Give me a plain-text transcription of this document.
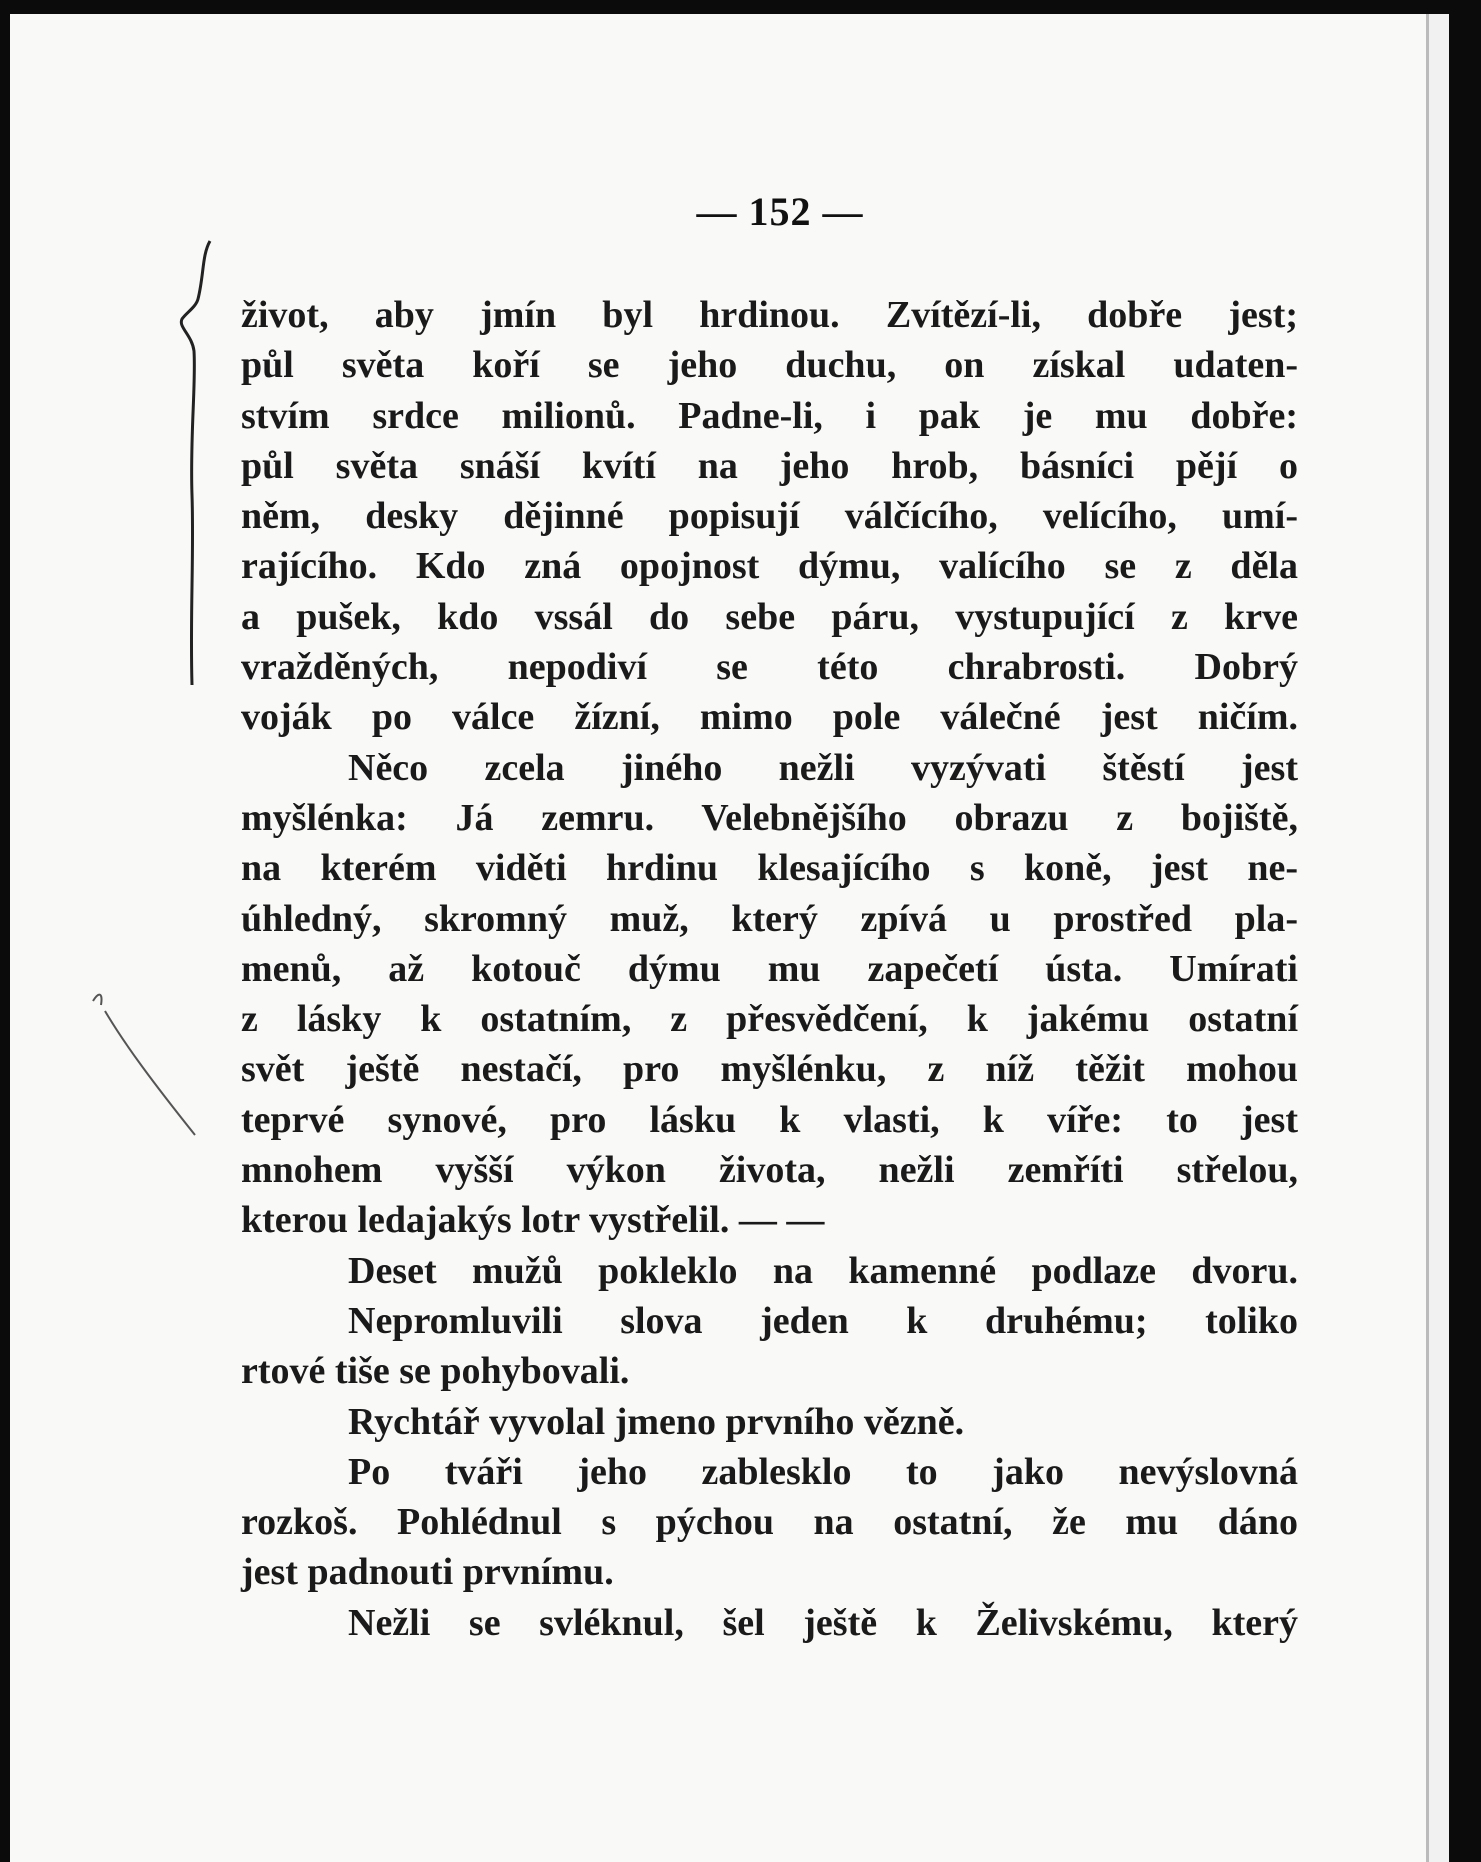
— 152 —
život, aby jmín byl hrdinou. Zvítězí-li, dobře jest;
půl světa koří se jeho duchu, on získal udaten-
stvím srdce milionů. Padne-li, i pak je mu dobře:
půl světa snáší kvítí na jeho hrob, básníci pějí o
něm, desky dějinné popisují válčícího, velícího, umí-
rajícího. Kdo zná opojnost dýmu, valícího se z děla
a pušek, kdo vssál do sebe páru, vystupující z krve
vražděných, nepodiví se této chrabrosti. Dobrý
voják po válce žízní, mimo pole válečné jest ničím.
Něco zcela jiného nežli vyzývati štěstí jest
myšlénka: Já zemru. Velebnějšího obrazu z bojiště,
na kterém viděti hrdinu klesajícího s koně, jest ne-
úhledný, skromný muž, který zpívá u prostřed pla-
menů, až kotouč dýmu mu zapečetí ústa. Umírati
z lásky k ostatním, z přesvědčení, k jakému ostatní
svět ještě nestačí, pro myšlénku, z níž těžit mohou
teprvé synové, pro lásku k vlasti, k víře: to jest
mnohem vyšší výkon života, nežli zemříti střelou,
kterou ledajakýs lotr vystřelil. — —
Deset mužů pokleklo na kamenné podlaze dvoru.
Nepromluvili slova jeden k druhému; toliko
rtové tiše se pohybovali.
Rychtář vyvolal jmeno prvního vězně.
Po tváři jeho zablesklo to jako nevýslovná
rozkoš. Pohlédnul s pýchou na ostatní, že mu dáno
jest padnouti prvnímu.
Nežli se svléknul, šel ještě k Želivskému, který
